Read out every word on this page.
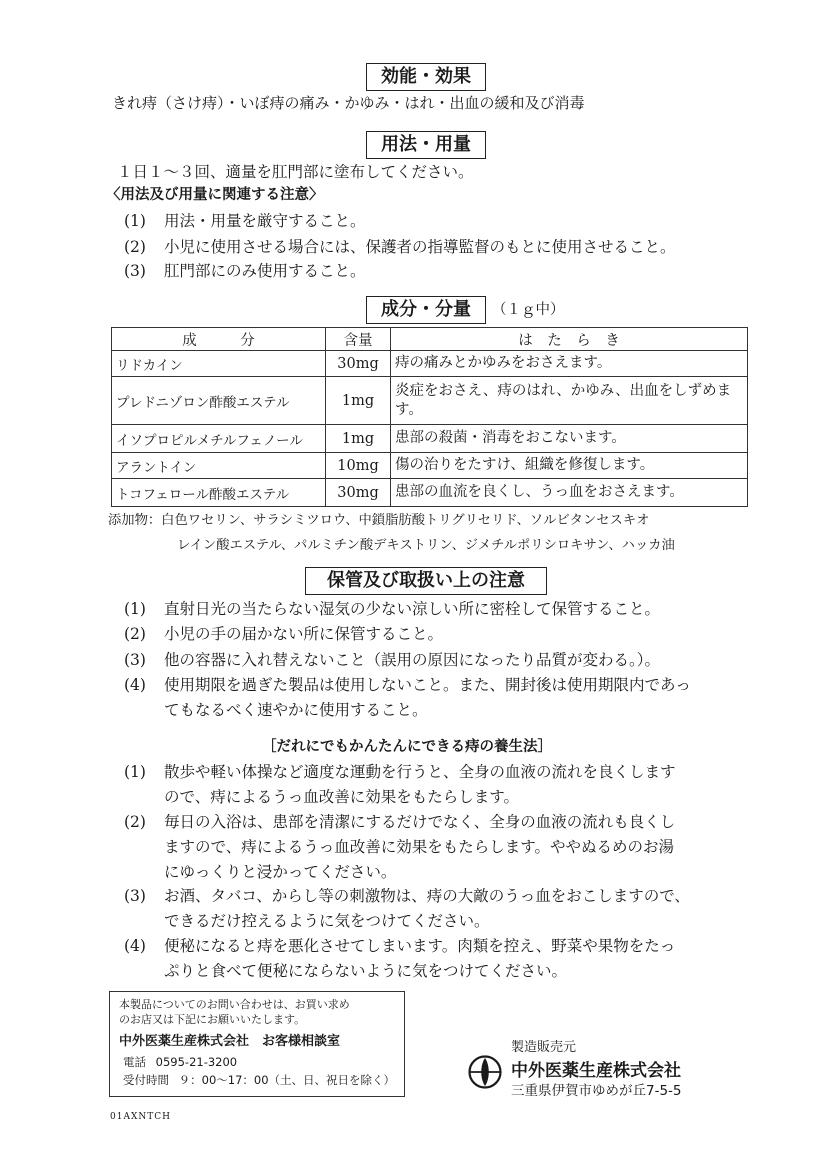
効能・効果
きれ痔（さけ痔）・いぼ痔の痛み・かゆみ・はれ・出血の緩和及び消毒
用法・用量
１日１～３回、適量を肛門部に塗布してください。
〈用法及び用量に関連する注意〉
(1) 用法・用量を厳守すること。
(2) 小児に使用させる場合には、保護者の指導監督のもとに使用させること。
(3) 肛門部にのみ使用すること。
成分・分量	（１ｇ中）
成　　　分	含量	は　た　ら　き
リドカイン	30mg	痔の痛みとかゆみをおさえます。
プレドニゾロン酢酸エステル	1mg	炎症をおさえ、痔のはれ、かゆみ、出血をしずめます。
イソプロピルメチルフェノール	1mg	患部の殺菌・消毒をおこないます。
アラントイン	10mg	傷の治りをたすけ、組織を修復します。
トコフェロール酢酸エステル	30mg	患部の血流を良くし、うっ血をおさえます。
添加物：白色ワセリン、サラシミツロウ、中鎖脂肪酸トリグリセリド、ソルビタンセスキオ
レイン酸エステル、パルミチン酸デキストリン、ジメチルポリシロキサン、ハッカ油
保管及び取扱い上の注意
(1) 直射日光の当たらない湿気の少ない涼しい所に密栓して保管すること。
(2) 小児の手の届かない所に保管すること。
(3) 他の容器に入れ替えないこと（誤用の原因になったり品質が変わる。）。
(4) 使用期限を過ぎた製品は使用しないこと。また、開封後は使用期限内であっ
てもなるべく速やかに使用すること。
［だれにでもかんたんにできる痔の養生法］
(1) 散歩や軽い体操など適度な運動を行うと、全身の血液の流れを良くします
ので、痔によるうっ血改善に効果をもたらします。
(2) 毎日の入浴は、患部を清潔にするだけでなく、全身の血液の流れも良くし
ますので、痔によるうっ血改善に効果をもたらします。ややぬるめのお湯
にゆっくりと浸かってください。
(3) お酒、タバコ、からし等の刺激物は、痔の大敵のうっ血をおこしますので、
できるだけ控えるように気をつけてください。
(4) 便秘になると痔を悪化させてしまいます。肉類を控え、野菜や果物をたっ
ぷりと食べて便秘にならないように気をつけてください。
本製品についてのお問い合わせは、お買い求め
のお店又は下記にお願いいたします。
中外医薬生産株式会社　お客様相談室
電話 0595-21-3200
受付時間 ９：00～17：00（土、日、祝日を除く）
製造販売元
中外医薬生産株式会社
三重県伊賀市ゆめが丘7-5-5
01AXNTCH
